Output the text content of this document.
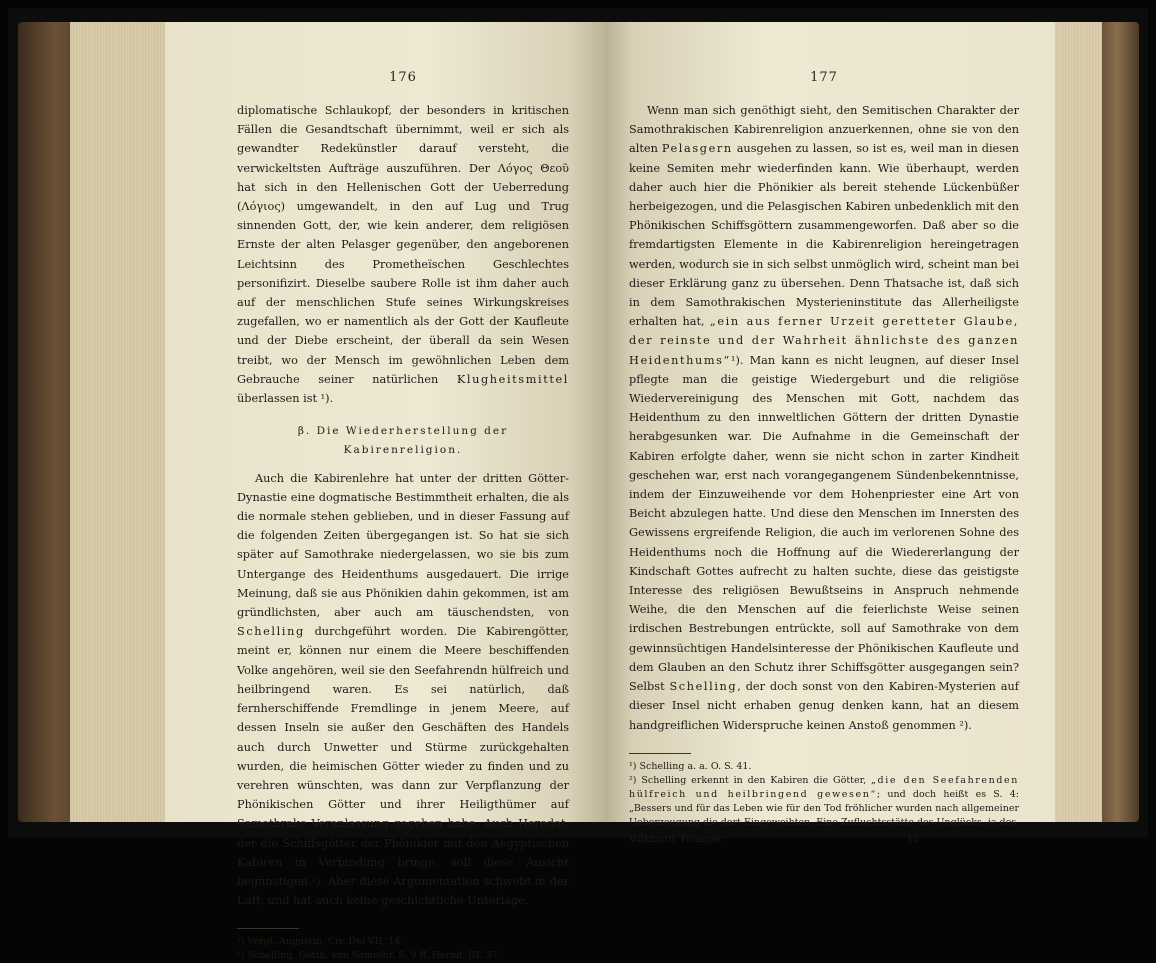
176

diplomatische Schlaukopf, der besonders in kritischen Fällen die Gesandtschaft übernimmt, weil er sich als gewandter Redekünstler darauf versteht, die verwickeltsten Aufträge auszuführen. Der Λόγος Θεοῦ hat sich in den Hellenischen Gott der Ueberredung (Λόγιος) umgewandelt, in den auf Lug und Trug sinnenden Gott, der, wie kein anderer, dem religiösen Ernste der alten Pelasger gegenüber, den angeborenen Leichtsinn des Prometheïschen Geschlechtes personifizirt. Dieselbe saubere Rolle ist ihm daher auch auf der menschlichen Stufe seines Wirkungskreises zugefallen, wo er namentlich als der Gott der Kaufleute und der Diebe erscheint, der überall da sein Wesen treibt, wo der Mensch im gewöhnlichen Leben dem Gebrauche seiner natürlichen Klugheitsmittel überlassen ist ¹).

β. Die Wiederherstellung der Kabirenreligion.

Auch die Kabirenlehre hat unter der dritten Götter-Dynastie eine dogmatische Bestimmtheit erhalten, die als die normale stehen geblieben, und in dieser Fassung auf die folgenden Zeiten übergegangen ist. So hat sie sich später auf Samothrake niedergelassen, wo sie bis zum Untergange des Heidenthums ausgedauert. Die irrige Meinung, daß sie aus Phönikien dahin gekommen, ist am gründlichsten, aber auch am täuschendsten, von Schelling durchgeführt worden. Die Kabirengötter, meint er, können nur einem die Meere beschiffenden Volke angehören, weil sie den Seefahrendn hülfreich und heilbringend waren. Es sei natürlich, daß fernherschiffende Fremdlinge in jenem Meere, auf dessen Inseln sie außer den Geschäften des Handels auch durch Unwetter und Stürme zurückgehalten wurden, die heimischen Götter wieder zu finden und zu verehren wünschten, was dann zur Verpflanzung der Phönikischen Götter und ihrer Heiligthümer auf Samothrake Veranlassung gegeben habe. Auch Herodot, der die Schiffsgötter der Phönikier mit den Aegyptischen Kabiren in Verbindung bringe, soll diese Ansicht begünstigen ²). Aber diese Argumentation schwebt in der Luft, und hat auch keine geschichtliche Unterlage.

¹) Vergl. Augustin. Civ. Dei VII, 14.
²) Schelling, Gotth. von Samothr. S. 9 ff. Herod. III, 37.
177

Wenn man sich genöthigt sieht, den Semitischen Charakter der Samothrakischen Kabirenreligion anzuerkennen, ohne sie von den alten Pelasgern ausgehen zu lassen, so ist es, weil man in diesen keine Semiten mehr wiederfinden kann. Wie überhaupt, werden daher auch hier die Phönikier als bereit stehende Lückenbüßer herbeigezogen, und die Pelasgischen Kabiren unbedenklich mit den Phönikischen Schiffsgöttern zusammengeworfen. Daß aber so die fremdartigsten Elemente in die Kabirenreligion hereingetragen werden, wodurch sie in sich selbst unmöglich wird, scheint man bei dieser Erklärung ganz zu übersehen. Denn Thatsache ist, daß sich in dem Samothrakischen Mysterieninstitute das Allerheiligste erhalten hat, „ein aus ferner Urzeit geretteter Glaube, der reinste und der Wahrheit ähnlichste des ganzen Heidenthums“¹). Man kann es nicht leugnen, auf dieser Insel pflegte man die geistige Wiedergeburt und die religiöse Wiedervereinigung des Menschen mit Gott, nachdem das Heidenthum zu den innweltlichen Göttern der dritten Dynastie herabgesunken war. Die Aufnahme in die Gemeinschaft der Kabiren erfolgte daher, wenn sie nicht schon in zarter Kindheit geschehen war, erst nach vorangegangenem Sündenbekenntnisse, indem der Einzuweihende vor dem Hohenpriester eine Art von Beicht abzulegen hatte. Und diese den Menschen im Innersten des Gewissens ergreifende Religion, die auch im verlorenen Sohne des Heidenthums noch die Hoffnung auf die Wiedererlangung der Kindschaft Gottes aufrecht zu halten suchte, diese das geistigste Interesse des religiösen Bewußtseins in Anspruch nehmende Weihe, die den Menschen auf die feierlichste Weise seinen irdischen Bestrebungen entrückte, soll auf Samothrake von dem gewinnsüchtigen Handelsinteresse der Phönikischen Kaufleute und dem Glauben an den Schutz ihrer Schiffsgötter ausgegangen sein? Selbst Schelling, der doch sonst von den Kabiren-Mysterien auf dieser Insel nicht erhaben genug denken kann, hat an diesem handgreiflichen Widerspruche keinen Anstoß genommen ²).

¹) Schelling a. a. O. S. 41.
²) Schelling erkennt in den Kabiren die Götter, „die den Seefahrenden hülfreich und heilbringend gewesen“; und doch heißt es S. 4: „Bessers und für das Leben wie für den Tod fröhlicher wurden nach allgemeiner Ueberzeugung die dort Eingeweihten. Eine Zufluchtsstätte des Unglücks, ja des
Volkmuth, Pelasger.	12
